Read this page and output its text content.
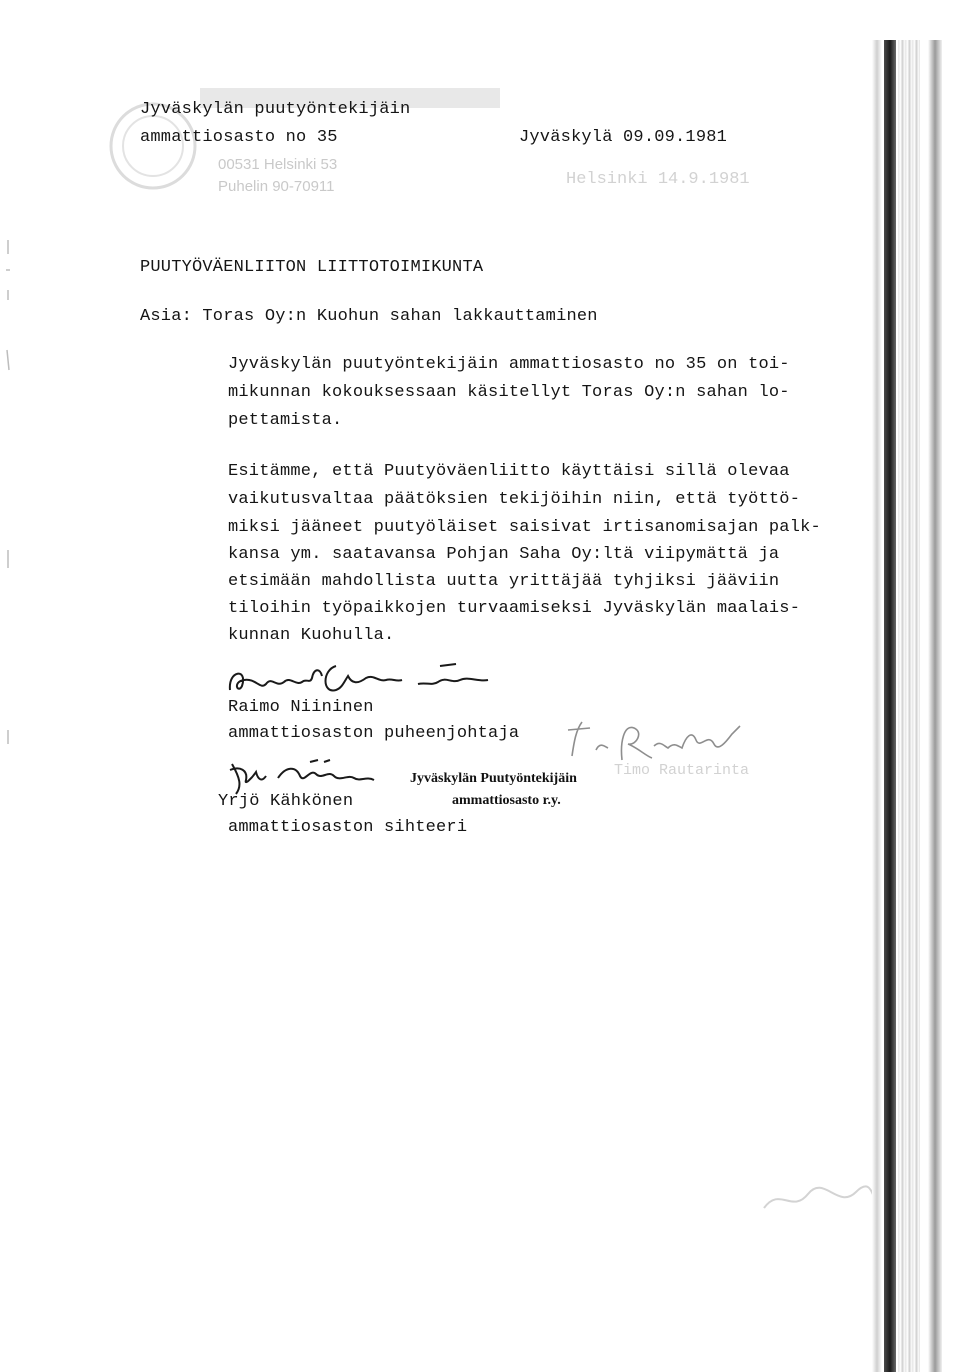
00531 Helsinki 53
Puhelin 90-70911	Helsinki 14.9.1981
Timo Rautarinta
Jyväskylän puutyöntekijäin
ammattiosasto no 35	Jyväskylä 09.09.1981
PUUTYÖVÄENLIITON LIITTOTOIMIKUNTA
Asia: Toras Oy:n Kuohun sahan lakkauttaminen
Jyväskylän puutyöntekijäin ammattiosasto no 35 on toi-
mikunnan kokouksessaan käsitellyt Toras Oy:n sahan lo-
pettamista.
Esitämme, että Puutyöväenliitto käyttäisi sillä olevaa
vaikutusvaltaa päätöksien tekijöihin niin, että työttö-
miksi jääneet puutyöläiset saisivat irtisanomisajan palk-
kansa ym. saatavansa Pohjan Saha Oy:ltä viipymättä ja
etsimään mahdollista uutta yrittäjää tyhjiksi jääviin
tiloihin työpaikkojen turvaamiseksi Jyväskylän maalais-
kunnan Kuohulla.
Raimo Niininen
ammattiosaston puheenjohtaja
Yrjö Kähkönen
ammattiosaston sihteeri
Jyväskylän Puutyöntekijäin
ammattiosasto r.y.
